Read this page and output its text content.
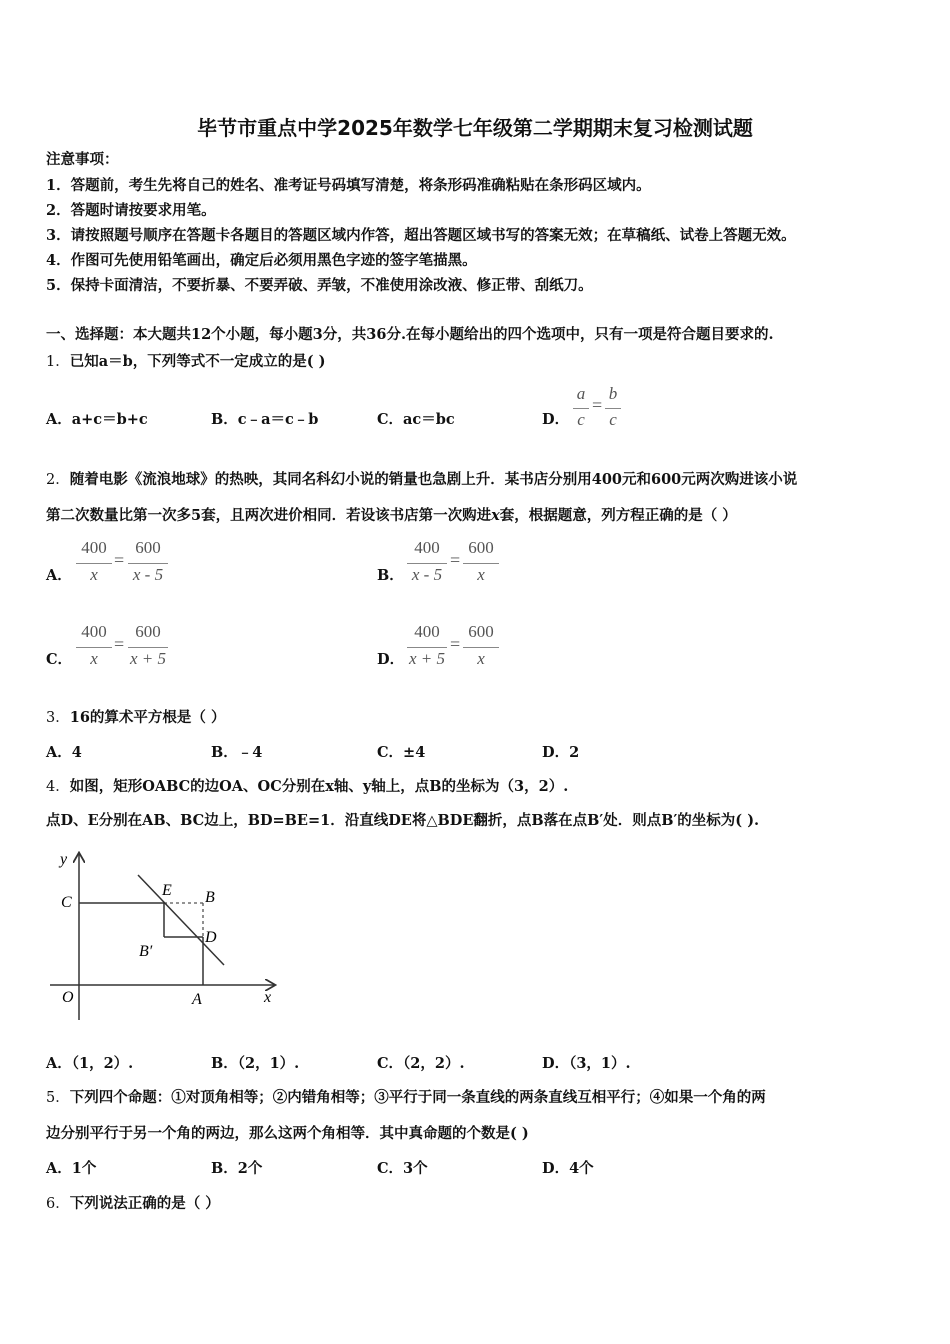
毕节市重点中学2025年数学七年级第二学期期末复习检测试题
注意事项：
1．答题前，考生先将自己的姓名、准考证号码填写清楚，将条形码准确粘贴在条形码区域内。
2．答题时请按要求用笔。
3．请按照题号顺序在答题卡各题目的答题区域内作答，超出答题区域书写的答案无效；在草稿纸、试卷上答题无效。
4．作图可先使用铅笔画出，确定后必须用黑色字迹的签字笔描黑。
5．保持卡面清洁，不要折暴、不要弄破、弄皱，不准使用涂改液、修正带、刮纸刀。
一、选择题：本大题共12个小题，每小题3分，共36分.在每小题给出的四个选项中，只有一项是符合题目要求的.
1．已知a＝b，下列等式不一定成立的是( )
A．a+c＝b+c	B．c﹣a＝c﹣b	C．ac＝bc	D．
a
c
=
b
c
2．随着电影《流浪地球》的热映，其同名科幻小说的销量也急剧上升．某书店分别用400元和600元两次购进该小说
第二次数量比第一次多5套，且两次进价相同．若设该书店第一次购进x套，根据题意，列方程正确的是（ ）
A．
400
x
=
600
x - 5	B．
400
x - 5
=
600
x
C．
400
x
=
600
x + 5	D．
400
x + 5
=
600
x
3．16的算术平方根是（ ）
A．4	B．﹣4	C．±4	D．2
4．如图，矩形OABC的边OA、OC分别在x轴、y轴上，点B的坐标为（3，2）.
点D、E分别在AB、BC边上，BD=BE=1．沿直线DE将△BDE翻折，点B落在点B′处．则点B′的坐标为( ).
y
x
O
C
E B
D
B′
A
A．（1，2）.	B．（2，1）.	C．（2，2）.	D．（3，1）.
5．下列四个命题：①对顶角相等；②内错角相等；③平行于同一条直线的两条直线互相平行；④如果一个角的两
边分别平行于另一个角的两边，那么这两个角相等．其中真命题的个数是( )
A．1个	B．2个	C．3个	D．4个
6．下列说法正确的是（ ）
